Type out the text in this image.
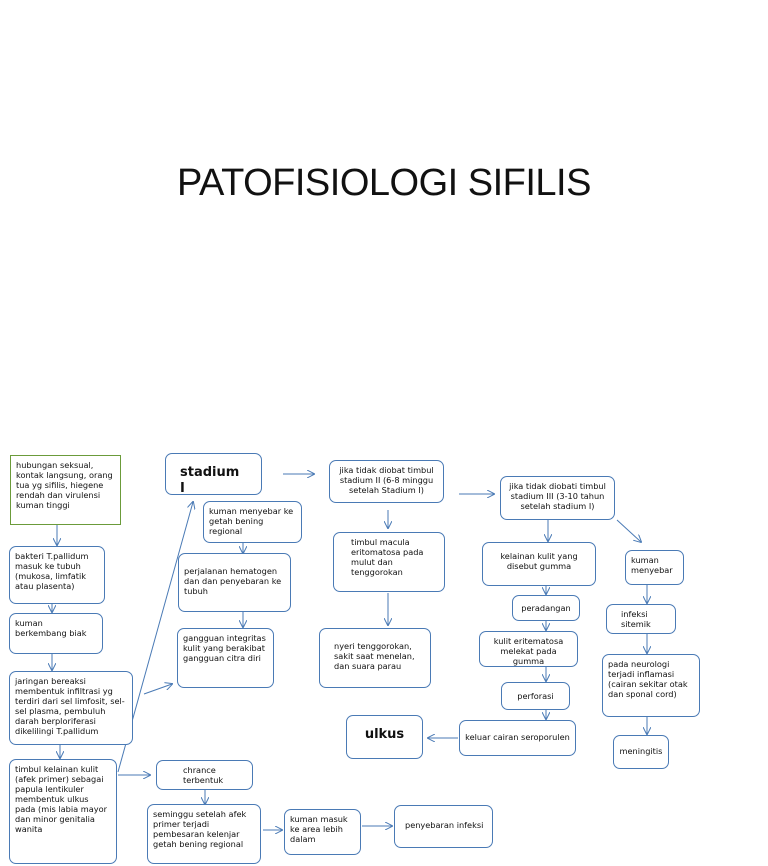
PATOFISIOLOGI SIFILIS
hubungan seksual, kontak langsung, orang tua yg sifilis, hiegene rendah dan virulensi kuman tinggi
bakteri T.pallidum masuk ke tubuh (mukosa, limfatik atau plasenta)
kuman berkembang biak
jaringan bereaksi membentuk infiltrasi yg terdiri dari sel limfosit, sel-sel plasma, pembuluh darah berploriferasi dikelilingi T.pallidum
timbul kelainan kulit (afek primer) sebagai papula lentikuler membentuk ulkus pada (mis labia mayor dan minor genitalia wanita
stadium I
kuman menyebar ke getah bening regional
perjalanan hematogen dan dan penyebaran ke tubuh
gangguan integritas kulit yang berakibat gangguan citra diri
chrance terbentuk
seminggu setelah afek primer terjadi pembesaran kelenjar getah bening regional
kuman masuk ke area lebih dalam
penyebaran infeksi
jika tidak diobat timbul stadium II (6-8 minggu setelah Stadium I)
timbul macula eritomatosa pada mulut dan tenggorokan
nyeri tenggorokan, sakit saat menelan, dan suara parau
ulkus
jika tidak diobati timbul stadium III (3-10 tahun setelah stadium I)
kelainan kulit yang disebut gumma
peradangan
kulit eritematosa melekat pada gumma
perforasi
keluar cairan seroporulen
kuman menyebar
infeksi sitemik
pada neurologi terjadi inflamasi (cairan sekitar otak dan sponal cord)
meningitis
